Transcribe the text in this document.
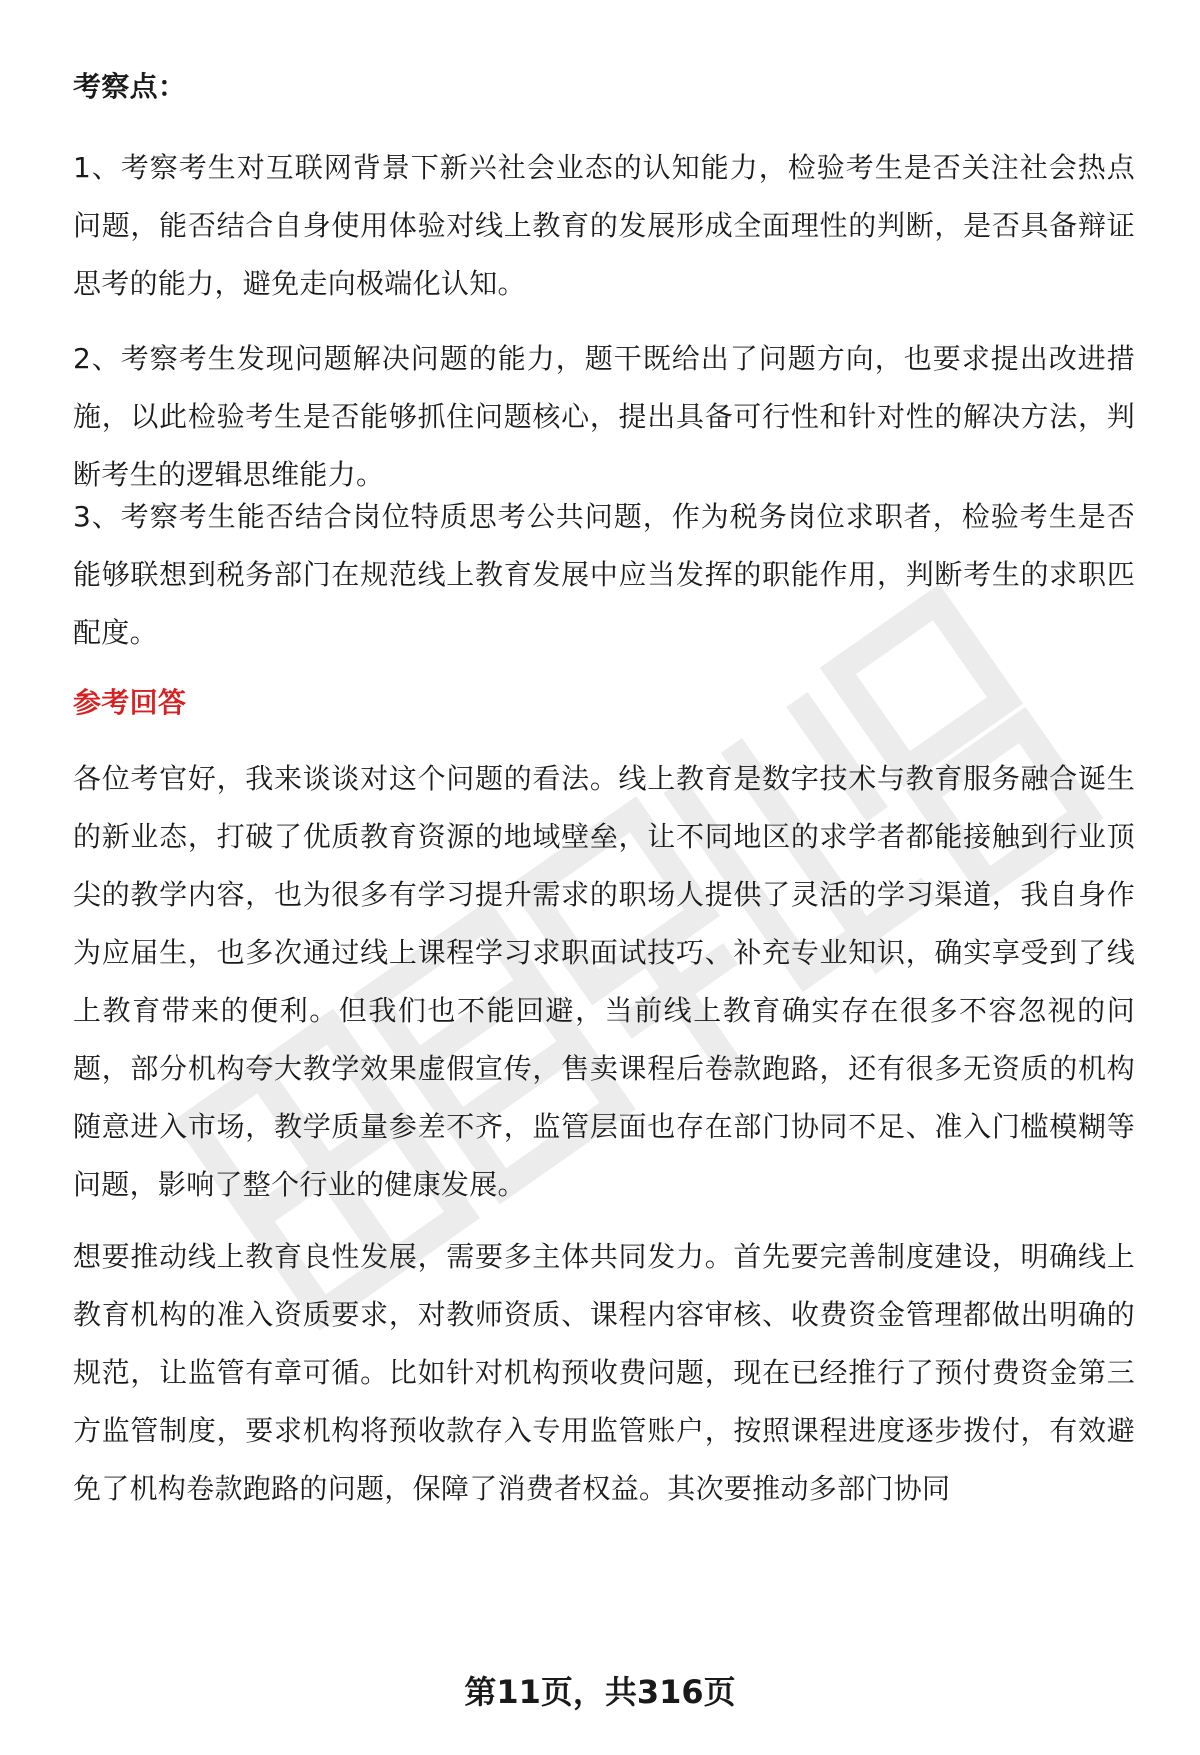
考察点：

1、考察考生对互联网背景下新兴社会业态的认知能力，检验考生是否关注社会热点问题，能否结合自身使用体验对线上教育的发展形成全面理性的判断，是否具备辩证思考的能力，避免走向极端化认知。

2、考察考生发现问题解决问题的能力，题干既给出了问题方向，也要求提出改进措施，以此检验考生是否能够抓住问题核心，提出具备可行性和针对性的解决方法，判断考生的逻辑思维能力。

3、考察考生能否结合岗位特质思考公共问题，作为税务岗位求职者，检验考生是否能够联想到税务部门在规范线上教育发展中应当发挥的职能作用，判断考生的求职匹配度。

参考回答

各位考官好，我来谈谈对这个问题的看法。线上教育是数字技术与教育服务融合诞生的新业态，打破了优质教育资源的地域壁垒，让不同地区的求学者都能接触到行业顶尖的教学内容，也为很多有学习提升需求的职场人提供了灵活的学习渠道，我自身作为应届生，也多次通过线上课程学习求职面试技巧、补充专业知识，确实享受到了线上教育带来的便利。但我们也不能回避，当前线上教育确实存在很多不容忽视的问题，部分机构夸大教学效果虚假宣传，售卖课程后卷款跑路，还有很多无资质的机构随意进入市场，教学质量参差不齐，监管层面也存在部门协同不足、准入门槛模糊等问题，影响了整个行业的健康发展。

想要推动线上教育良性发展，需要多主体共同发力。首先要完善制度建设，明确线上教育机构的准入资质要求，对教师资质、课程内容审核、收费资金管理都做出明确的规范，让监管有章可循。比如针对机构预收费问题，现在已经推行了预付费资金第三方监管制度，要求机构将预收款存入专用监管账户，按照课程进度逐步拨付，有效避免了机构卷款跑路的问题，保障了消费者权益。其次要推动多部门协同

第11页，共316页
